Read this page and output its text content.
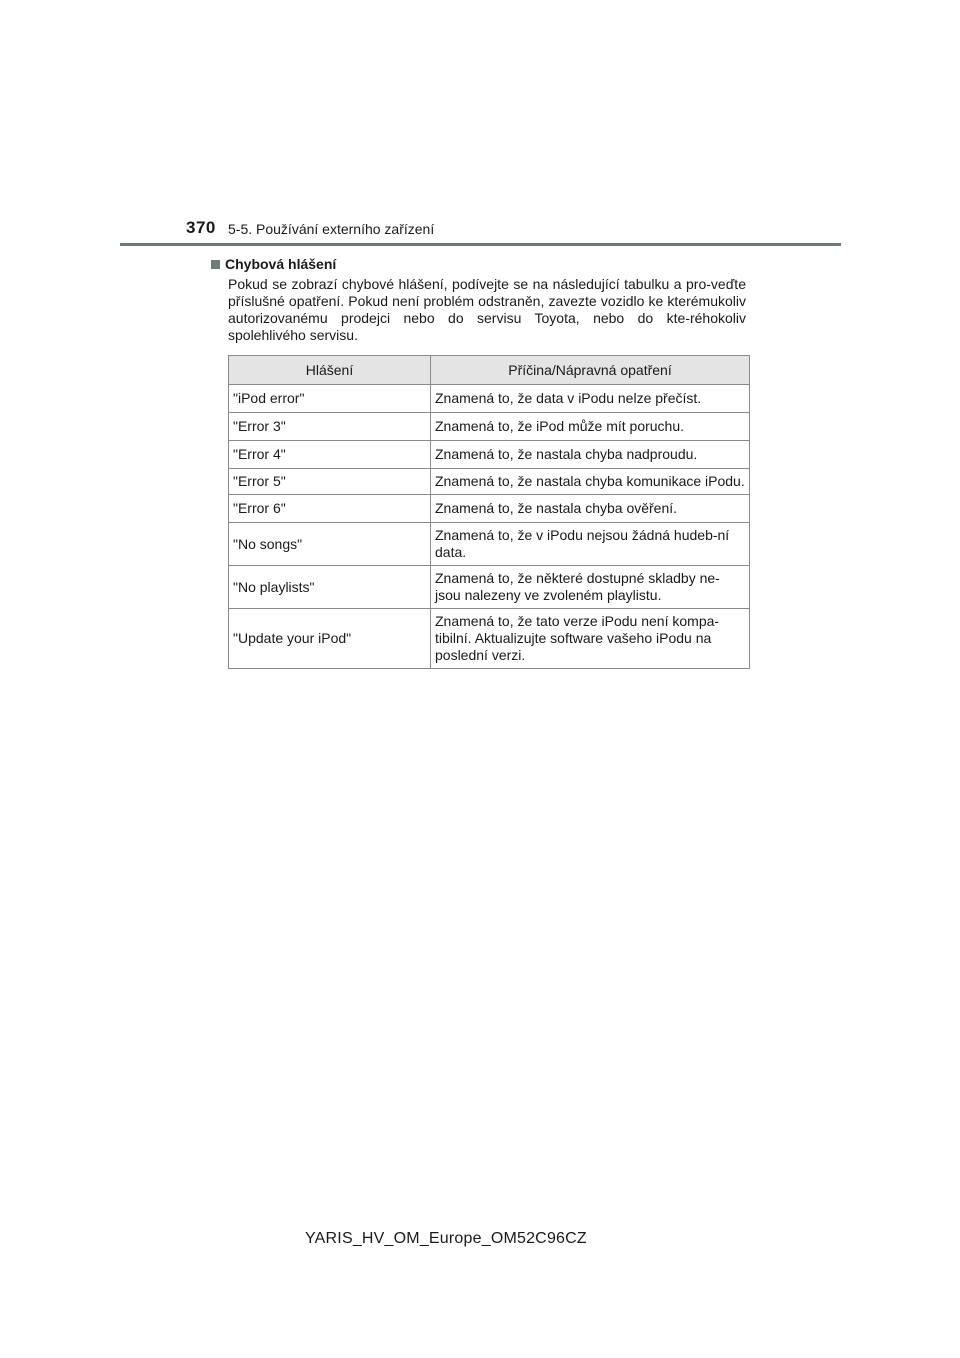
370 5-5. Používání externího zařízení
Chybová hlášení

Pokud se zobrazí chybové hlášení, podívejte se na následující tabulku a pro-veďte příslušné opatření. Pokud není problém odstraněn, zavezte vozidlo ke kterémukoliv autorizovanému prodejci nebo do servisu Toyota, nebo do kte-réhokoliv spolehlivého servisu.

Hlášení	Příčina/Nápravná opatření
"iPod error"	Znamená to, že data v iPodu nelze přečíst.
"Error 3"	Znamená to, že iPod může mít poruchu.
"Error 4"	Znamená to, že nastala chyba nadproudu.
"Error 5"	Znamená to, že nastala chyba komunikace iPodu.
"Error 6"	Znamená to, že nastala chyba ověření.
"No songs"	Znamená to, že v iPodu nejsou žádná hudeb-ní data.
"No playlists"	Znamená to, že některé dostupné skladby ne-jsou nalezeny ve zvoleném playlistu.
"Update your iPod"	Znamená to, že tato verze iPodu není kompa-tibilní. Aktualizujte software vašeho iPodu na poslední verzi.
YARIS_HV_OM_Europe_OM52C96CZ
